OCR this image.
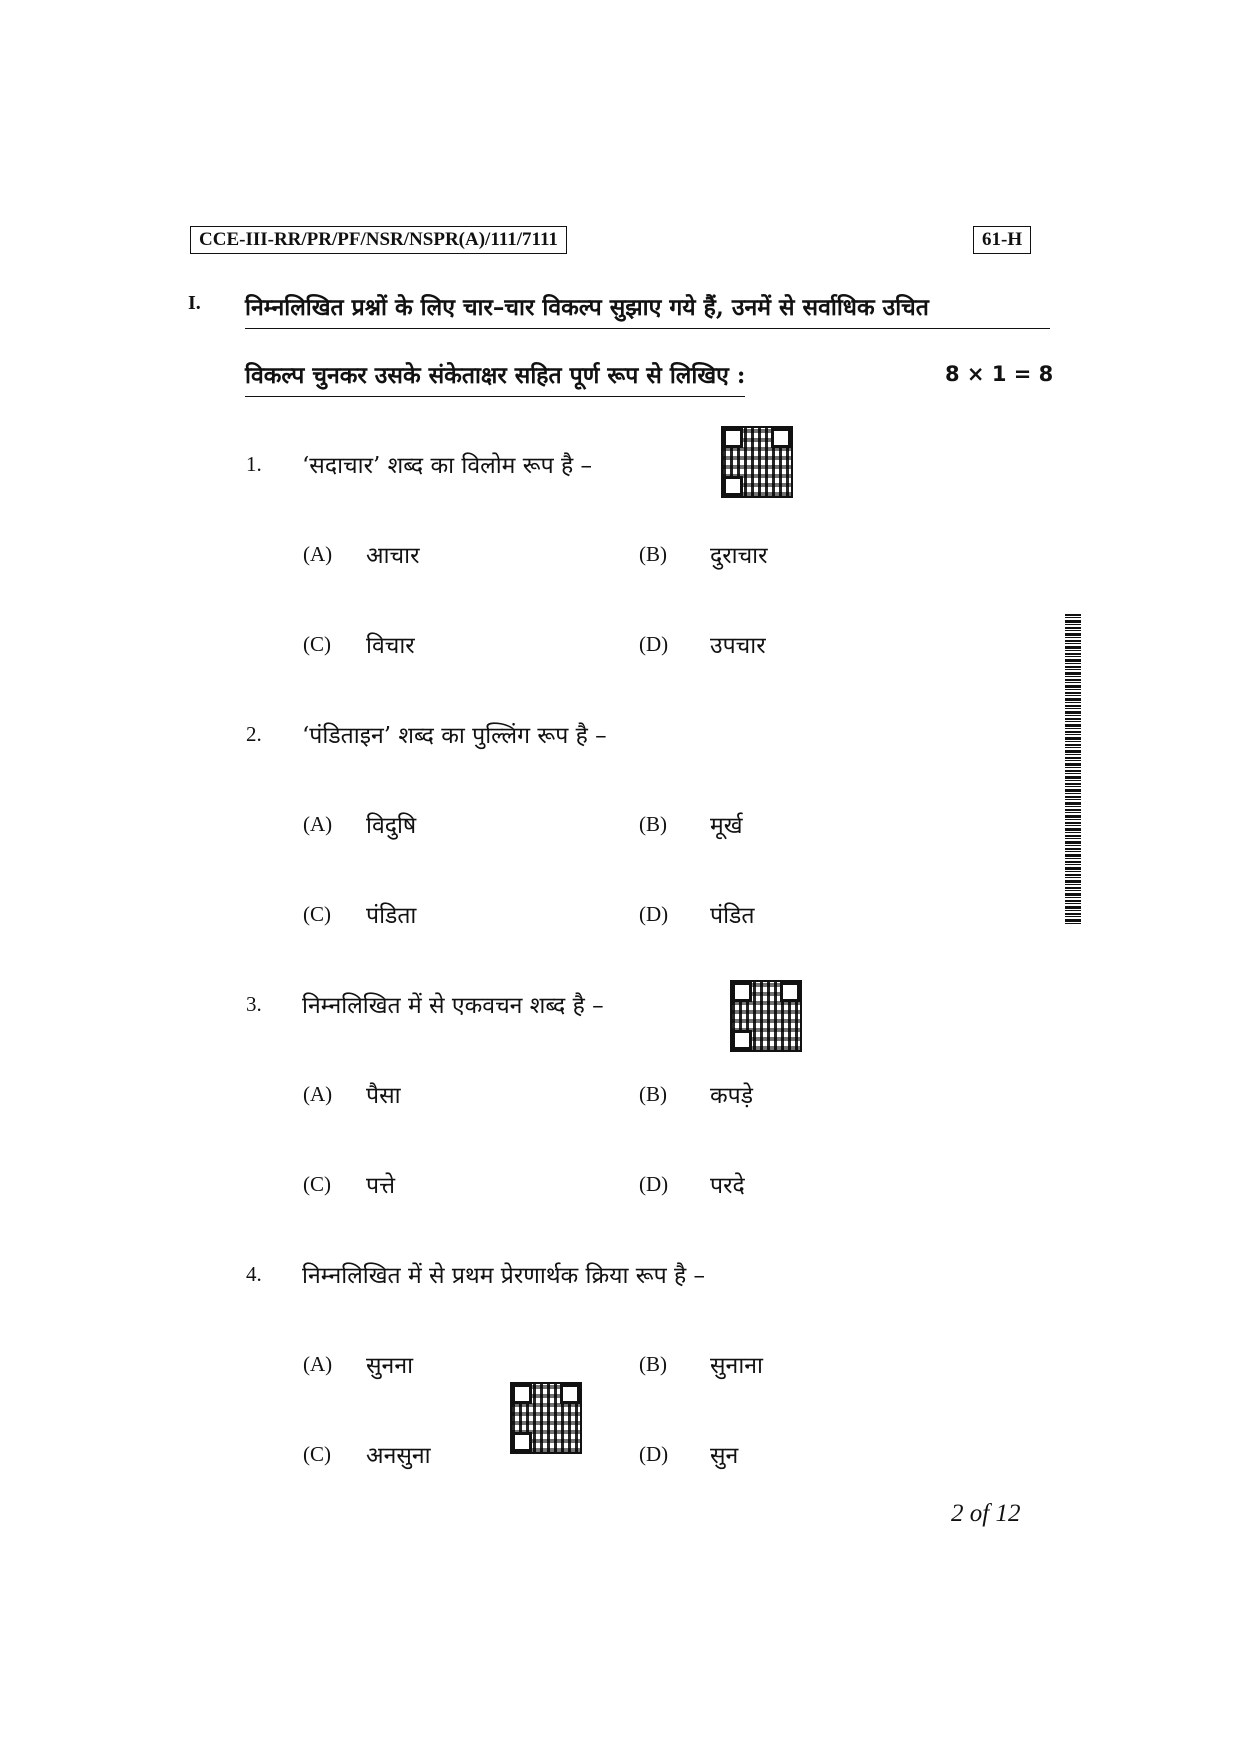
CCE-III-RR/PR/PF/NSR/NSPR(A)/111/7111	61-H
I. निम्नलिखित प्रश्नों के लिए चार–चार विकल्प सुझाए गये हैं, उनमें से सर्वाधिक उचित
विकल्प चुनकर उसके संकेताक्षर सहित पूर्ण रूप से लिखिए :	8 × 1 = 8
1. ‘सदाचार’ शब्द का विलोम रूप है –
(A) आचार	(B) दुराचार
(C) विचार	(D) उपचार
2. ‘पंडिताइन’ शब्द का पुल्लिंग रूप है –
(A) विदुषि	(B) मूर्ख
(C) पंडिता	(D) पंडित
3. निम्नलिखित में से एकवचन शब्द है –
(A) पैसा	(B) कपड़े
(C) पत्ते	(D) परदे
4. निम्नलिखित में से प्रथम प्रेरणार्थक क्रिया रूप है –
(A) सुनना	(B) सुनाना
(C) अनसुना	(D) सुन
2 of 12
